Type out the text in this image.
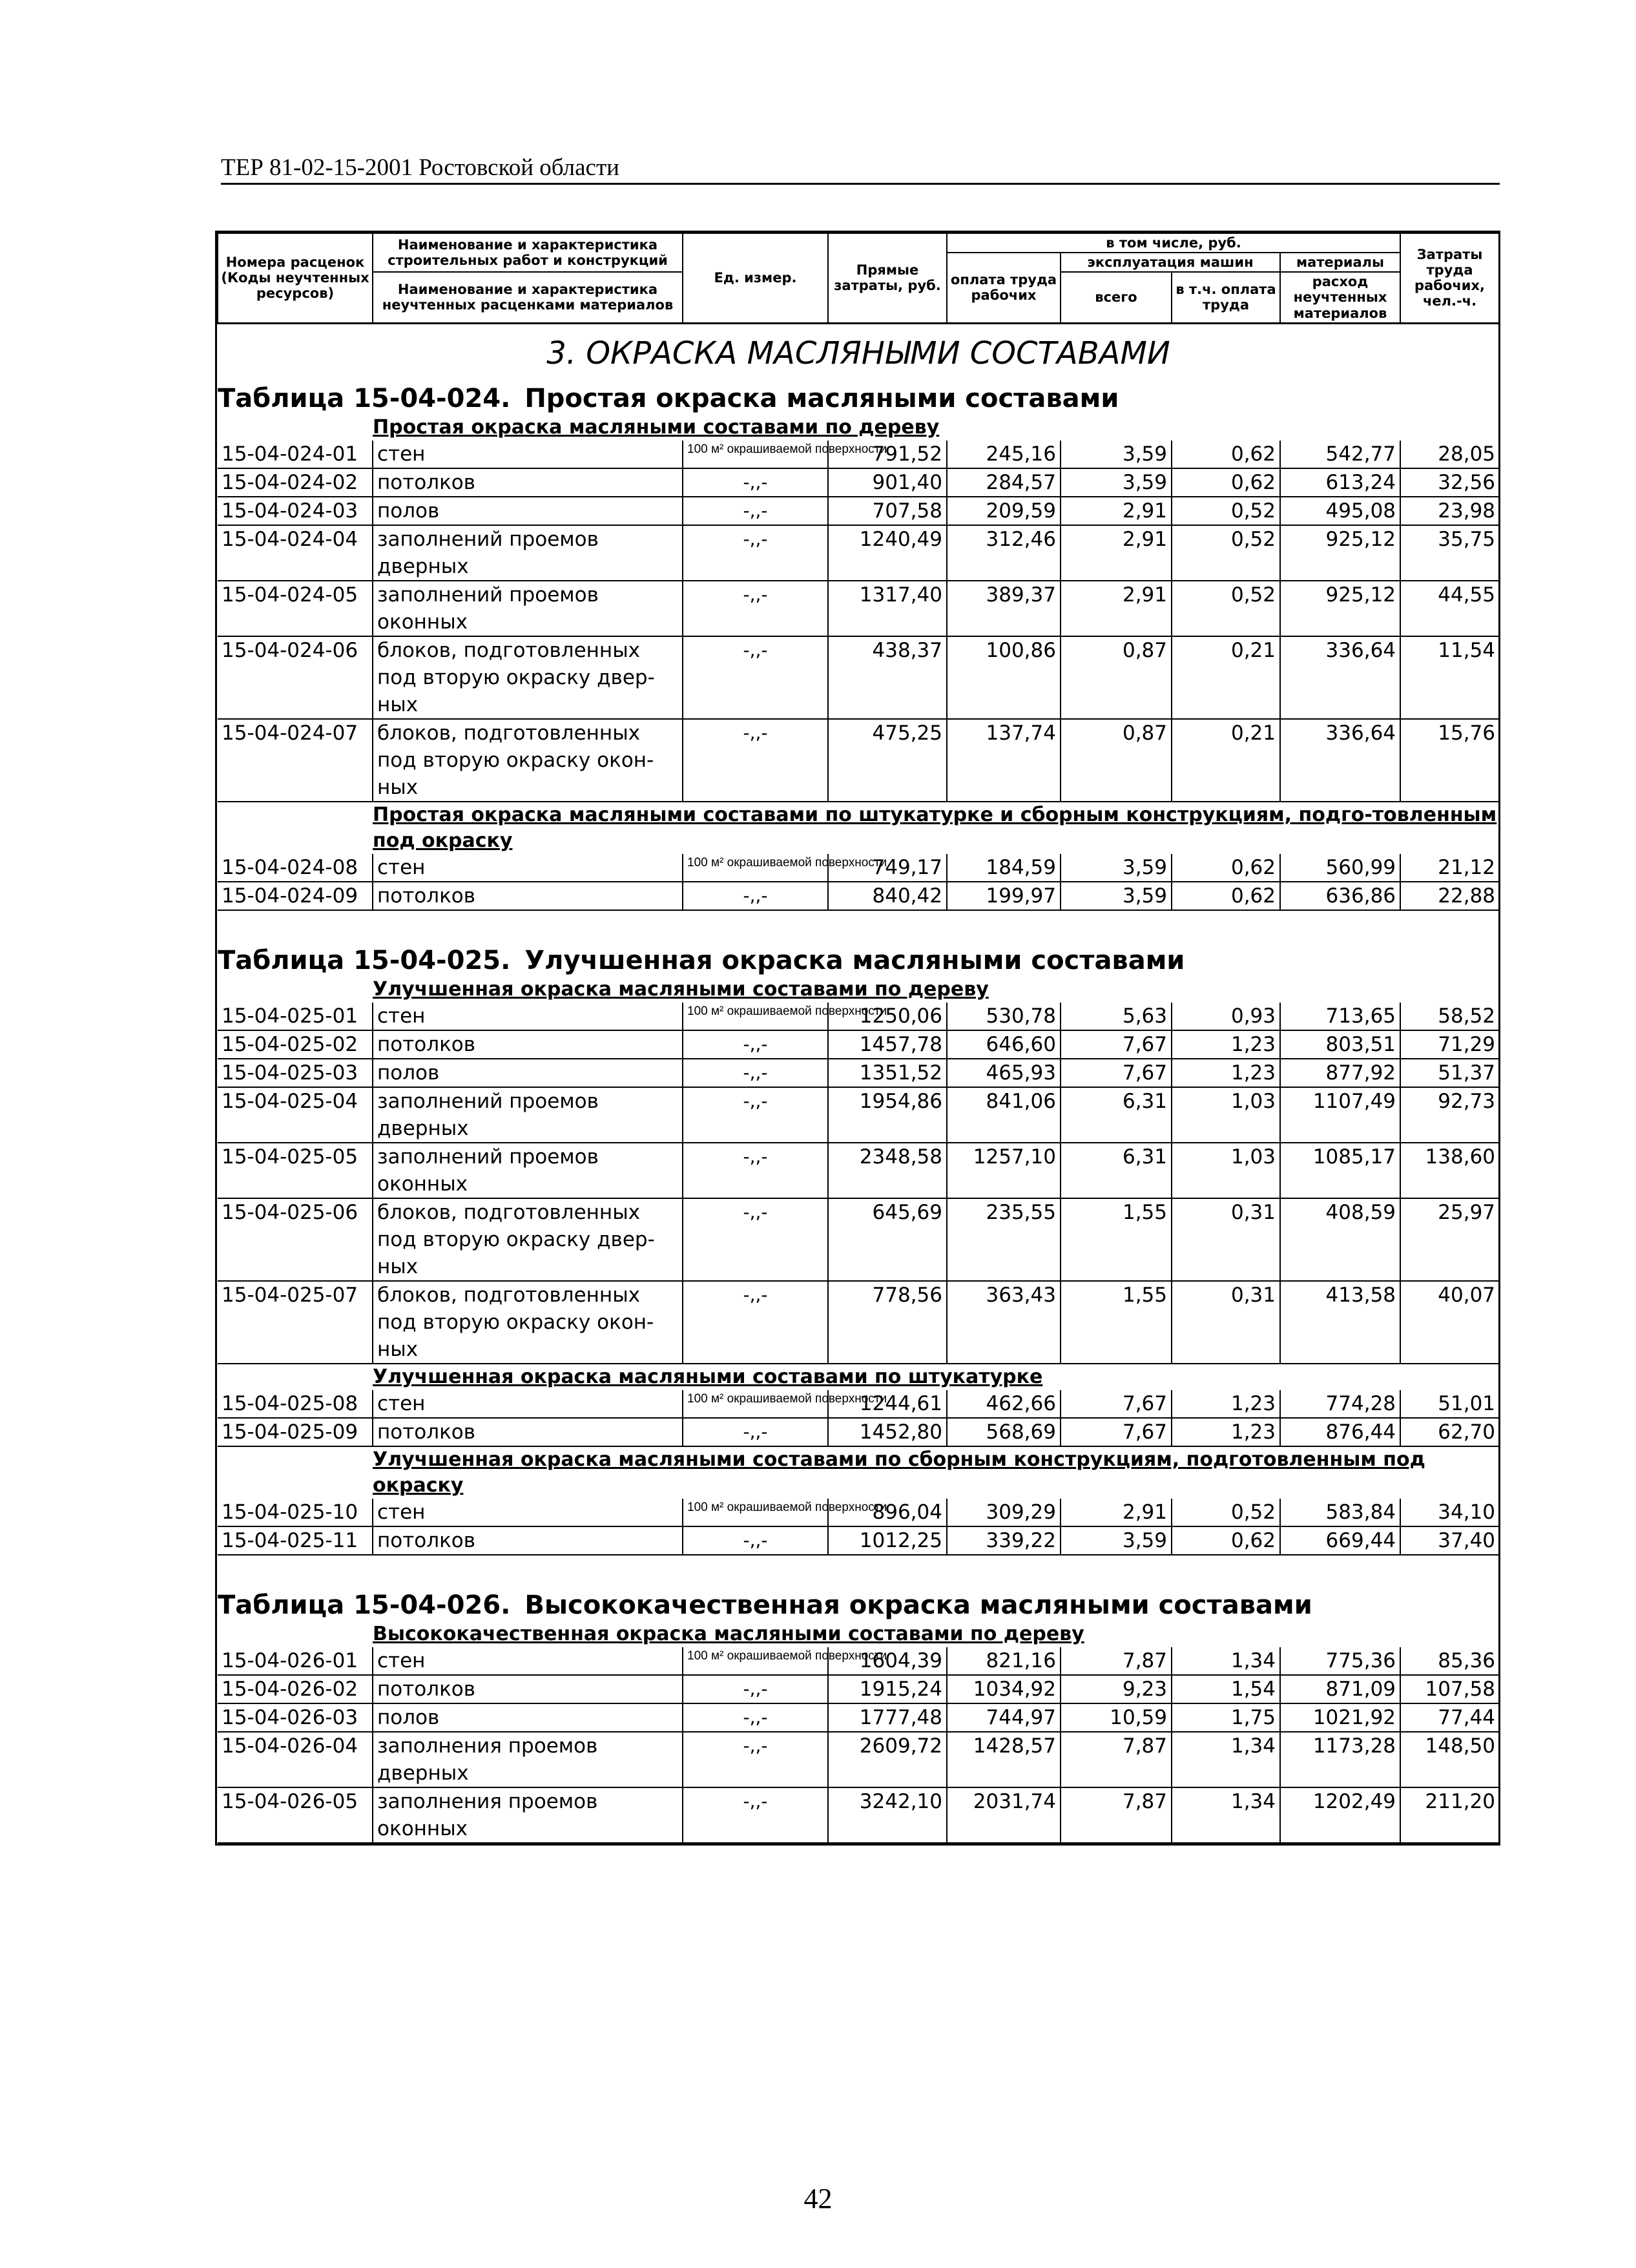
ТЕР 81-02-15-2001 Ростовской области
Номера расценок (Коды неучтенных ресурсов)	Наименование и характеристика строительных работ и конструкций	Ед. измер.	Прямые затраты, руб.	в том числе, руб.				Затраты труда рабочих, чел.-ч.
				оплата труда рабочих	эксплуатация машин		материалы	
	Наименование и характеристика неучтенных расценками материалов				всего	в т.ч. оплата труда	расход неучтенных материалов	
3. ОКРАСКА МАСЛЯНЫМИ СОСТАВАМИ								
Таблица 15-04-024. Простая окраска масляными составами								
Простая окраска масляными составами по дереву								
15-04-024-01	стен	100 м² окрашиваемой поверхности	791,52	245,16	3,59	0,62	542,77	28,05
15-04-024-02	потолков	-,,-	901,40	284,57	3,59	0,62	613,24	32,56
15-04-024-03	полов	-,,-	707,58	209,59	2,91	0,52	495,08	23,98
15-04-024-04	заполнений проемов дверных	-,,-	1240,49	312,46	2,91	0,52	925,12	35,75
15-04-024-05	заполнений проемов оконных	-,,-	1317,40	389,37	2,91	0,52	925,12	44,55
15-04-024-06	блоков, подготовленных под вторую окраску двер-ных	-,,-	438,37	100,86	0,87	0,21	336,64	11,54
15-04-024-07	блоков, подготовленных под вторую окраску окон-ных	-,,-	475,25	137,74	0,87	0,21	336,64	15,76
Простая окраска масляными составами по штукатурке и сборным конструкциям, подго-товленным под окраску								
15-04-024-08	стен	100 м² окрашиваемой поверхности	749,17	184,59	3,59	0,62	560,99	21,12
15-04-024-09	потолков	-,,-	840,42	199,97	3,59	0,62	636,86	22,88

Таблица 15-04-025. Улучшенная окраска масляными составами								
Улучшенная окраска масляными составами по дереву								
15-04-025-01	стен	100 м² окрашиваемой поверхности	1250,06	530,78	5,63	0,93	713,65	58,52
15-04-025-02	потолков	-,,-	1457,78	646,60	7,67	1,23	803,51	71,29
15-04-025-03	полов	-,,-	1351,52	465,93	7,67	1,23	877,92	51,37
15-04-025-04	заполнений проемов дверных	-,,-	1954,86	841,06	6,31	1,03	1107,49	92,73
15-04-025-05	заполнений проемов оконных	-,,-	2348,58	1257,10	6,31	1,03	1085,17	138,60
15-04-025-06	блоков, подготовленных под вторую окраску двер-ных	-,,-	645,69	235,55	1,55	0,31	408,59	25,97
15-04-025-07	блоков, подготовленных под вторую окраску окон-ных	-,,-	778,56	363,43	1,55	0,31	413,58	40,07
Улучшенная окраска масляными составами по штукатурке								
15-04-025-08	стен	100 м² окрашиваемой поверхности	1244,61	462,66	7,67	1,23	774,28	51,01
15-04-025-09	потолков	-,,-	1452,80	568,69	7,67	1,23	876,44	62,70
Улучшенная окраска масляными составами по сборным конструкциям, подготовленным под окраску								
15-04-025-10	стен	100 м² окрашиваемой поверхности	896,04	309,29	2,91	0,52	583,84	34,10
15-04-025-11	потолков	-,,-	1012,25	339,22	3,59	0,62	669,44	37,40

Таблица 15-04-026. Высококачественная окраска масляными составами								
Высококачественная окраска масляными составами по дереву								
15-04-026-01	стен	100 м² окрашиваемой поверхности	1604,39	821,16	7,87	1,34	775,36	85,36
15-04-026-02	потолков	-,,-	1915,24	1034,92	9,23	1,54	871,09	107,58
15-04-026-03	полов	-,,-	1777,48	744,97	10,59	1,75	1021,92	77,44
15-04-026-04	заполнения проемов дверных	-,,-	2609,72	1428,57	7,87	1,34	1173,28	148,50
15-04-026-05	заполнения проемов оконных	-,,-	3242,10	2031,74	7,87	1,34	1202,49	211,20
42
